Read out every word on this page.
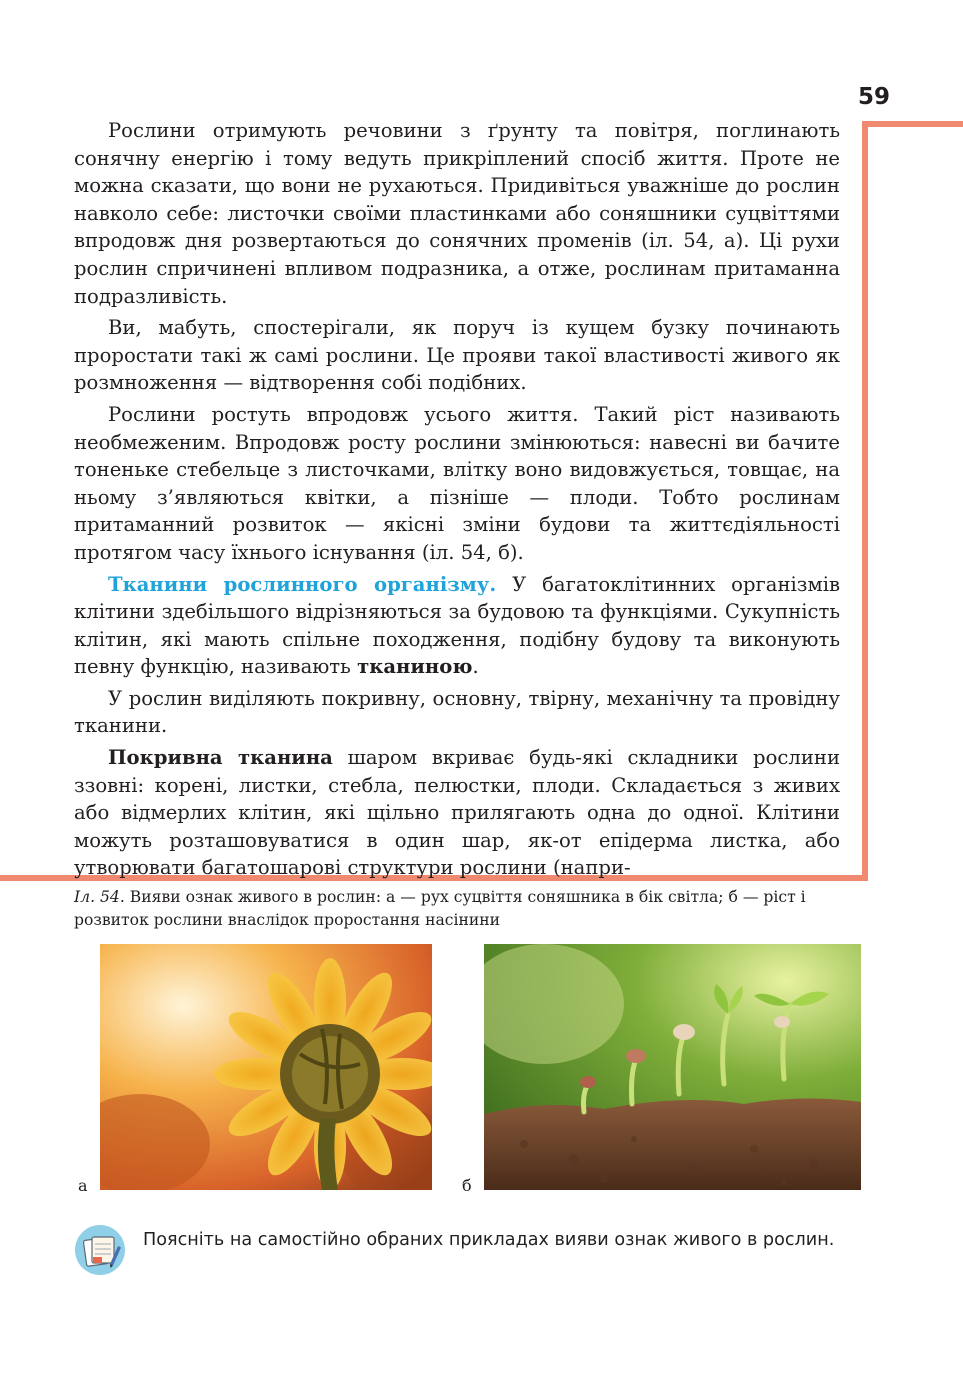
59

Рослини отримують речовини з ґрунту та повітря, поглинають сонячну енергію і тому ведуть прикріплений спосіб життя. Проте не можна сказати, що вони не рухаються. Придивіться уважніше до рослин навколо себе: листочки своїми пластинками або соняшники суцвіттями впродовж дня розвертаються до сонячних променів (іл. 54, а). Ці рухи рослин спричинені впливом подразника, а отже, рослинам притаманна подразливість.

Ви, мабуть, спостерігали, як поруч із кущем бузку починають проростати такі ж самі рослини. Це прояви такої властивості живого як розмноження — відтворення собі подібних.

Рослини ростуть впродовж усього життя. Такий ріст називають необмеженим. Впродовж росту рослини змінюються: навесні ви бачите тоненьке стебельце з листочками, влітку воно видовжується, товщає, на ньому з’являються квітки, а пізніше — плоди. Тобто рослинам притаманний розвиток — якісні зміни будови та життєдіяльності протягом часу їхнього існування (іл. 54, б).

Тканини рослинного організму. У багатоклітинних організмів клітини здебільшого відрізняються за будовою та функціями. Сукупність клітин, які мають спільне походження, подібну будову та виконують певну функцію, називають тканиною.

У рослин виділяють покривну, основну, твірну, механічну та провідну тканини.

Покривна тканина шаром вкриває будь-які складники рослини ззовні: корені, листки, стебла, пелюстки, плоди. Складається з живих або відмерлих клітин, які щільно прилягають одна до одної. Клітини можуть розташовуватися в один шар, як-от епідерма листка, або утворювати багатошарові структури рослини (напри-

Іл. 54. Вияви ознак живого в рослин: а — рух суцвіття соняшника в бік світла; б — ріст і розвиток рослини внаслідок проростання насінини

а	б

Поясніть на самостійно обраних прикладах вияви ознак живого в рослин.
